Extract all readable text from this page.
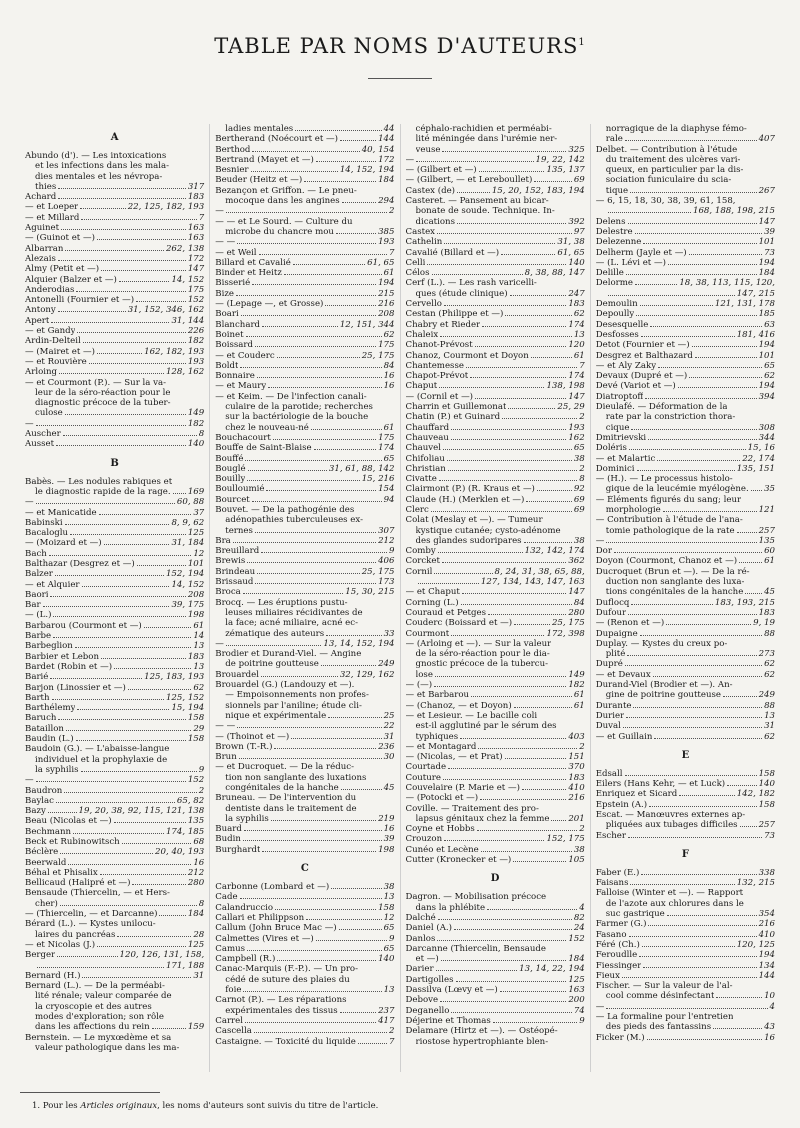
TABLE PAR NOMS D'AUTEURS$^1$
A
Abundo (d'). — Les intoxications
et les infections dans les mala-
dies mentales et les névropa-
thies	317
Achard	183
— et Loeper	22, 125, 182, 193
— et Millard	7
Aguinet	163
— (Guinot et —)	163
Albarran	262, 138
Alezais	172
Almy (Petit et —)	147
Alquier (Balzer et —)	14, 152
Anderodias	175
Antonelli (Fournier et —)	152
Antony	31, 152, 346, 162
Apert	31, 144
— et Gandy	226
Ardin-Delteil	182
— (Mairet et —)	162, 182, 193
— et Rouvière	193
Arloing	128, 162
— et Courmont (P.). — Sur la va-
leur de la séro-réaction pour le
diagnostic précoce de la tuber-
culose	149
—	182
Auscher	8
Ausset	140
B
Babès. — Les nodules rabiques et
le diagnostic rapide de la rage. 169
—	60, 88
— et Manicatide	37
Babinski	8, 9, 62
Bacaloglu	125
— (Moizard et —)	31, 184
Bach	12
Balthazar (Desgrez et —)	101
Balzer	152, 194
— et Alquier	14, 152
Baori	208
Bar	39, 175
— (L.)	198
Barbarou (Courmont et —)	61
Barbe	14
Barbeglion	13
Barbier et Lebon	183
Bardet (Robin et —)	13
Barié	125, 183, 193
Barjon (Linossier et —)	62
Barth	125, 152
Barthélemy	15, 194
Baruch	158
Bataillon	29
Baudin (L.)	158
Baudoin (G.). — L'abaisse-langue
individuel et la prophylaxie de
la syphilis	9
—	152
Baudron	2
Baylac	65, 82
Bazy	19, 20, 38, 92, 115, 121, 138
Beau (Nicolas et —)	135
Bechmann	174, 185
Beck et Rubinowitsch	68
Béclère	20, 40, 193
Beerwald	16
Béhal et Phisalix	212
Bellicaud (Halipré et —)	280
Bensaude (Thiercelin, — et Hers-
cher)	8
— (Thiercelin, — et Darcanne)	184
Bérard (L.). — Kystes unilocu-
laires du pancréas	28
— et Nicolas (J.)	125
Berger	120, 126, 131, 158,
171, 188
Bernard (H.)	31
Bernard (L.). — De la perméabi-
lité rénale; valeur comparée de
la cryoscopie et des autres
modes d'exploration; son rôle
dans les affections du rein	159
Bernstein. — Le myxœdème et sa
valeur pathologique dans les ma-
ladies mentales	44
Bertherand (Noécourt et —)	144
Berthod	40, 154
Bertrand (Mayet et —)	172
Besnier	14, 152, 194
Beuder (Heitz et —)	184
Bezançon et Griffon. — Le pneu-
mocoque dans les angines	294
—	2
— — et Le Sourd. — Culture du
microbe du chancre mou	385
— —	193
— et Weil	7
Billard et Cavalié	61, 65
Binder et Heitz	61
Bisserié	194
Bize	215
— (Lepage —, et Grosse)	216
Boari	208
Blanchard	12, 151, 344
Boinet	62
Boissard	175
— et Couderc	25, 175
Boldt	84
Bonnaire	16
— et Maury	16
— et Keim. — De l'infection canali-
culaire de la parotide; recherches
sur la bactériologie de la bouche
chez le nouveau-né	61
Bouchacourt	175
Bouffe de Saint-Blaise	174
Bouffé	65
Bouglé	31, 61, 88, 142
Bouilly	15, 216
Boulloumié	154
Bourcet	94
Bouvet. — De la pathogénie des
adénopathies tuberculeuses ex-
ternes	307
Bra	212
Breuillard	9
Brewis	406
Brindeau	25, 175
Brissaud	173
Broca	15, 30, 215
Brocq. — Les éruptions pustu-
leuses miliaires récidivantes de
la face; acné miliaire, acné ec-
zématique des auteurs	33
—	13, 14, 152, 194
Brodier et Durand-Viel. — Angine
de poitrine goutteuse	249
Brouardel	32, 129, 162
Brouardel (G.) (Landouzy et —).
— Empoisonnements non profes-
sionnels par l'aniline; étude cli-
nique et expérimentale	25
— —	22
— (Thoinot et —)	31
Brown (T.-R.)	236
Brun	30
— et Ducroquet. — De la réduc-
tion non sanglante des luxations
congénitales de la hanche	45
Bruneau. — De l'intervention du
dentiste dans le traitement de
la syphilis	219
Buard	16
Budin	39
Burghardt	198
C
Carbonne (Lombard et —)	38
Cade	13
Calandruccio	158
Callari et Philippson	12
Callum (John Bruce Mac —)	65
Calmettes (Vires et —)	9
Camus	65
Campbell (R.)	140
Canac-Marquis (F.-P.). — Un pro-
cédé de suture des plaies du
foie	13
Carnot (P.). — Les réparations
expérimentales des tissus	237
Carrel	417
Cascella	2
Castaigne. — Toxicité du liquide	7
céphalo-rachidien et perméabi-
lité méningée dans l'urémie ner-
veuse	325
—	19, 22, 142
— (Gilbert et —)	135, 137
— (Gilbert, — et Lereboullet)	69
Castex (de)	15, 20, 152, 183, 194
Casteret. — Pansement au bicar-
bonate de soude. Technique. In-
dications	392
Castex	97
Cathelin	31, 38
Cavalié (Billard et —)	61, 65
Celli	140
Célos	8, 38, 88, 147
Cerf (L.). — Les rash varicelli-
ques (étude clinique)	247
Cervello	183
Cestan (Philippe et —)	62
Chabry et Rieder	174
Chaleix	13
Chanot-Prévost	120
Chanoz, Courmont et Doyon	61
Chantemesse	7
Chapot-Prévot	174
Chaput	138, 198
— (Cornil et —)	147
Charrin et Guillemonat	25, 29
Chatin (P.) et Guinard	2
Chauffard	193
Chauveau	162
Chauvel	65
Chifoliau	38
Christian	2
Civatte	8
Clairmont (P.) (R. Kraus et —)	92
Claude (H.) (Merklen et —)	69
Clerc	69
Colat (Meslay et —). — Tumeur
kystique cutanée; cysto-adénome
des glandes sudoripares	38
Comby	132, 142, 174
Corcket	362
Cornil	8, 24, 31, 38, 65, 88,
127, 134, 143, 147, 163
— et Chaput	147
Corning (L.)	84
Couraud et Petges	280
Couderc (Boissard et —)	25, 175
Courmont	172, 398
— (Arloing et —). — Sur la valeur
de la séro-réaction pour le dia-
gnostic précoce de la tubercu-
lose	149
— (—)	182
— et Barbarou	61
— (Chanoz, — et Doyon)	61
— et Lesieur. — Le bacille coli
est-il agglutiné par le sérum des
typhiques	403
— et Montagard	2
— (Nicolas, — et Prat)	151
Courtade	370
Couture	183
Couvelaire (P. Marie et —)	410
— (Potocki et —)	216
Coville. — Traitement des pro-
lapsus génitaux chez la femme 201
Coyne et Hobbs	2
Crouzon	152, 175
Cunéo et Lecène	38
Cutter (Kronecker et —)	105
D
Dagron. — Mobilisation précoce
dans la phlébite	4
Dalché	82
Daniel (A.)	24
Danlos	152
Darcanne (Thiercelin, Bensaude
et —)	184
Darier	13, 14, 22, 194
Dartigolles	125
Dassilva (Lœvy et —)	163
Debove	200
Deganello	74
Déjerine et Thomas	9
Delamare (Hirtz et —). — Ostéopé-
riostose hypertrophiante blen-
norragique de la diaphyse fémo-
rale	407
Delbet. — Contribution à l'étude
du traitement des ulcères vari-
queux, en particulier par la dis-
sociation funiculaire du scia-
tique	267
— 6, 15, 18, 30, 38, 39, 61, 158,
168, 188, 198, 215
Delens	147
Delestre	39
Delezenne	101
Delherm (Jayle et —)	73
— (L. Lévi et —)	194
Delille	184
Delorme	18, 38, 113, 115, 120,
147, 215
Demoulin	121, 131, 178
Depoully	185
Desesquelle	63
Desfosses	181, 416
Detot (Fournier et —)	194
Desgrez et Balthazard	101
— et Aly Zaky	65
Devaux (Dupré et —)	62
Devé (Variot et —)	194
Diatroptoff	394
Dieulafé. — Déformation de la
rate par la constriction thora-
cique	308
Dmitrievski	344
Doléris	15, 16
— et Malartic	22, 174
Dominici	135, 151
— (H.). — Le processus histolo-
gique de la leucémie myélogène. 35
— Éléments figurés du sang; leur
morphologie	121
— Contribution à l'étude de l'ana-
tomie pathologique de la rate	257
—	135
Dor	60
Doyon (Courmont, Chanoz et —)	61
Ducroquet (Brun et —). — De la ré-
duction non sanglante des luxa-
tions congénitales de la hanche 45
Duflocq	183, 193, 215
Dufour	183
— (Renon et —)	9, 19
Dupaigne	88
Duplay. — Kystes du creux po-
plité	273
Dupré	62
— et Devaux	62
Durand-Viel (Brodier et —). An-
gine de poitrine goutteuse	249
Durante	88
Durier	13
Duval	31
— et Guillain	62
E
Edsall	158
Eilers (Hans Kehr, — et Luck)	140
Enriquez et Sicard	142, 182
Epstein (A.)	158
Escat. — Manœuvres externes ap-
pliquées aux tubages difficiles 257
Escher	73
F
Faber (E.)	338
Faisans	132, 215
Falloise (Winter et —). — Rapport
de l'azote aux chlorures dans le
suc gastrique	354
Farmer (G.)	216
Fasano	410
Féré (Ch.)	120, 125
Feroudlle	194
Fiessinger	134
Fieux	144
Fischer. — Sur la valeur de l'al-
cool comme désinfectant	10
—	4
— La formaline pour l'entretien
des pieds des fantassins	43
Ficker (M.)	16
1. Pour les Articles originaux, les noms d'auteurs sont suivis du titre de l'article.
